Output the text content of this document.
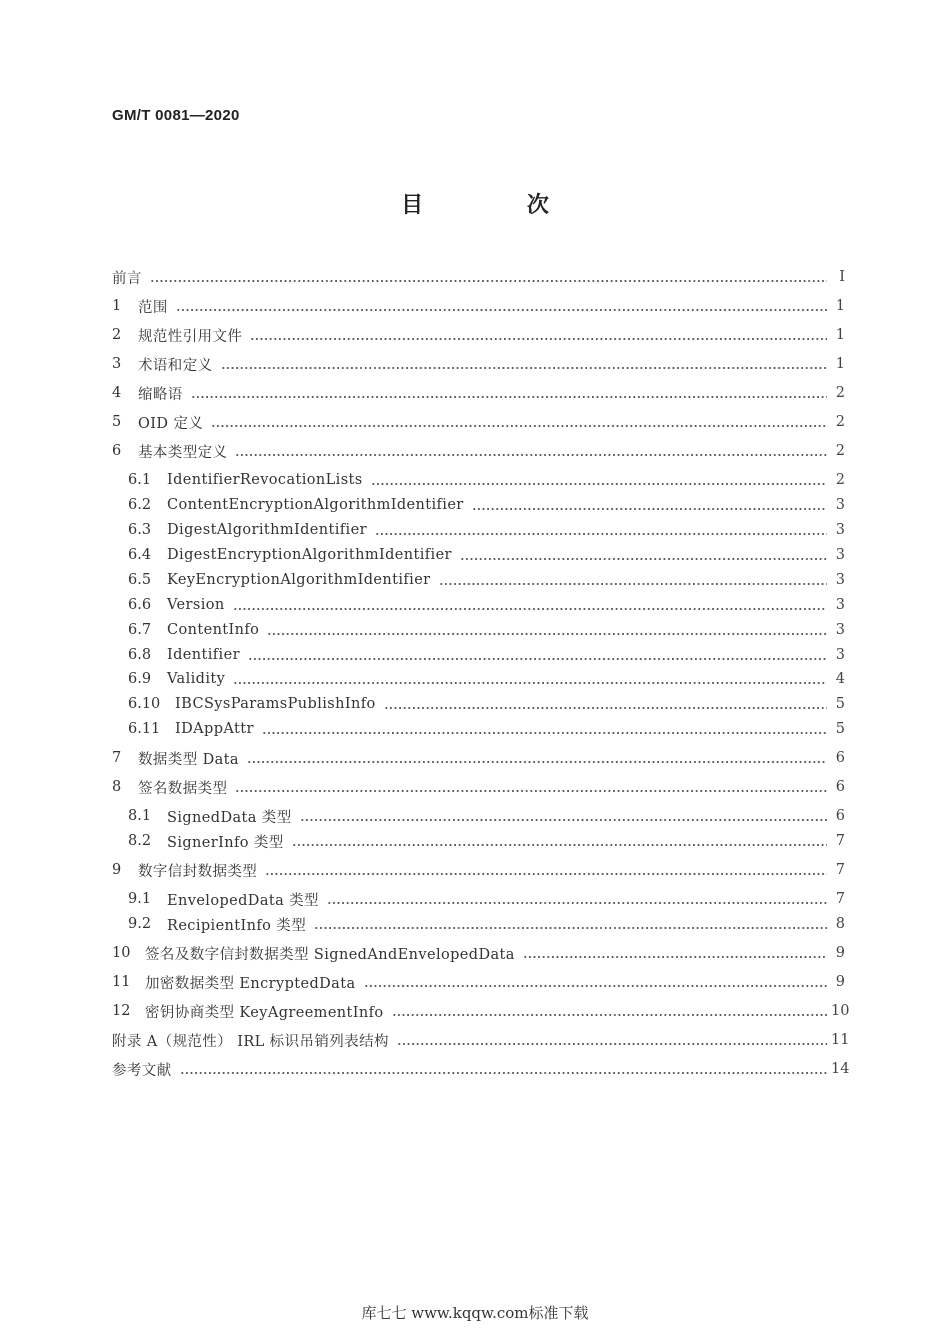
GM/T 0081—2020
目 次
前言	I
1	范围	1
2	规范性引用文件	1
3	术语和定义	1
4	缩略语	2
5	OID 定义	2
6	基本类型定义	2
6.1	IdentifierRevocationLists	2
6.2	ContentEncryptionAlgorithmIdentifier	3
6.3	DigestAlgorithmIdentifier	3
6.4	DigestEncryptionAlgorithmIdentifier	3
6.5	KeyEncryptionAlgorithmIdentifier	3
6.6	Version	3
6.7	ContentInfo	3
6.8	Identifier	3
6.9	Validity	4
6.10	IBCSysParamsPublishInfo	5
6.11	IDAppAttr	5
7	数据类型 Data	6
8	签名数据类型	6
8.1	SignedData 类型	6
8.2	SignerInfo 类型	7
9	数字信封数据类型	7
9.1	EnvelopedData 类型	7
9.2	RecipientInfo 类型	8
10	签名及数字信封数据类型 SignedAndEnvelopedData	9
11	加密数据类型 EncryptedData	9
12	密钥协商类型 KeyAgreementInfo	10
附录 A（规范性） IRL 标识吊销列表结构	11
参考文献	14
库七七 www.kqqw.com标准下载
